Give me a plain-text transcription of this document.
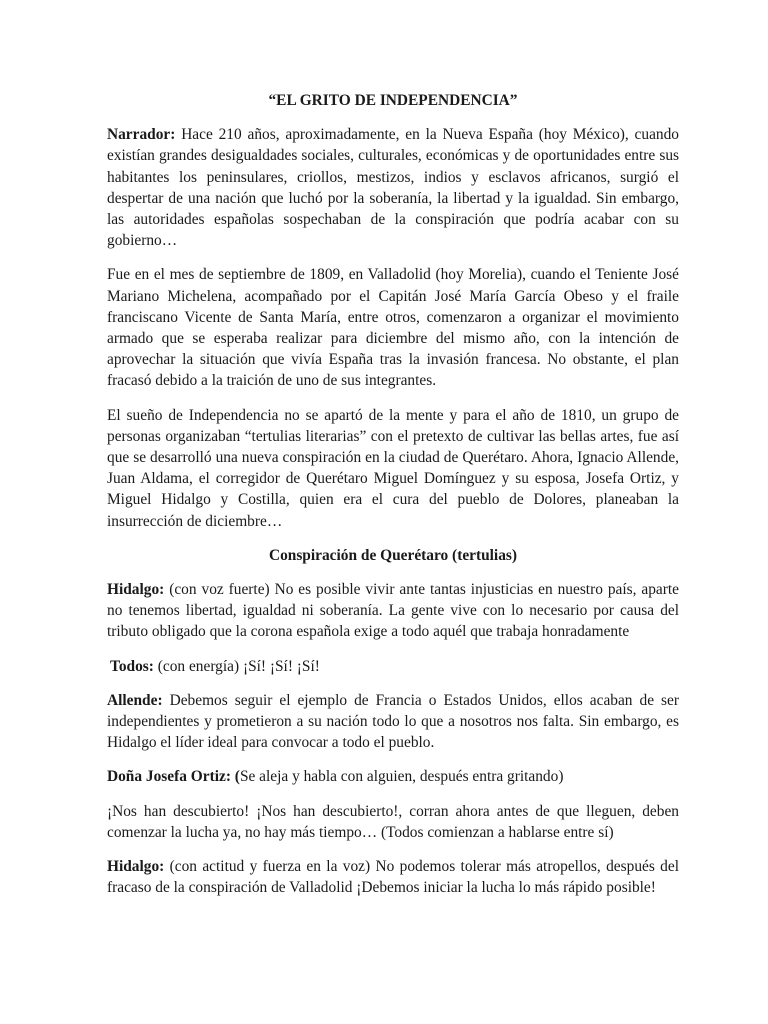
“EL GRITO DE INDEPENDENCIA”

Narrador: Hace 210 años, aproximadamente, en la Nueva España (hoy México), cuando existían grandes desigualdades sociales, culturales, económicas y de oportunidades entre sus habitantes los peninsulares, criollos, mestizos, indios y esclavos africanos, surgió el despertar de una nación que luchó por la soberanía, la libertad y la igualdad. Sin embargo, las autoridades españolas sospechaban de la conspiración que podría acabar con su gobierno…

Fue en el mes de septiembre de 1809, en Valladolid (hoy Morelia), cuando el Teniente José Mariano Michelena, acompañado por el Capitán José María García Obeso y el fraile franciscano Vicente de Santa María, entre otros, comenzaron a organizar el movimiento armado que se esperaba realizar para diciembre del mismo año, con la intención de aprovechar la situación que vivía España tras la invasión francesa. No obstante, el plan fracasó debido a la traición de uno de sus integrantes.

El sueño de Independencia no se apartó de la mente y para el año de 1810, un grupo de personas organizaban “tertulias literarias” con el pretexto de cultivar las bellas artes, fue así que se desarrolló una nueva conspiración en la ciudad de Querétaro. Ahora, Ignacio Allende, Juan Aldama, el corregidor de Querétaro Miguel Domínguez y su esposa, Josefa Ortiz, y Miguel Hidalgo y Costilla, quien era el cura del pueblo de Dolores, planeaban la insurrección de diciembre…

Conspiración de Querétaro (tertulias)

Hidalgo: (con voz fuerte) No es posible vivir ante tantas injusticias en nuestro país, aparte no tenemos libertad, igualdad ni soberanía. La gente vive con lo necesario por causa del tributo obligado que la corona española exige a todo aquél que trabaja honradamente

Todos: (con energía) ¡Sí! ¡Sí! ¡Sí!

Allende: Debemos seguir el ejemplo de Francia o Estados Unidos, ellos acaban de ser independientes y prometieron a su nación todo lo que a nosotros nos falta. Sin embargo, es Hidalgo el líder ideal para convocar a todo el pueblo.

Doña Josefa Ortiz: (Se aleja y habla con alguien, después entra gritando)

¡Nos han descubierto! ¡Nos han descubierto!, corran ahora antes de que lleguen, deben comenzar la lucha ya, no hay más tiempo… (Todos comienzan a hablarse entre sí)

Hidalgo: (con actitud y fuerza en la voz) No podemos tolerar más atropellos, después del fracaso de la conspiración de Valladolid ¡Debemos iniciar la lucha lo más rápido posible!
